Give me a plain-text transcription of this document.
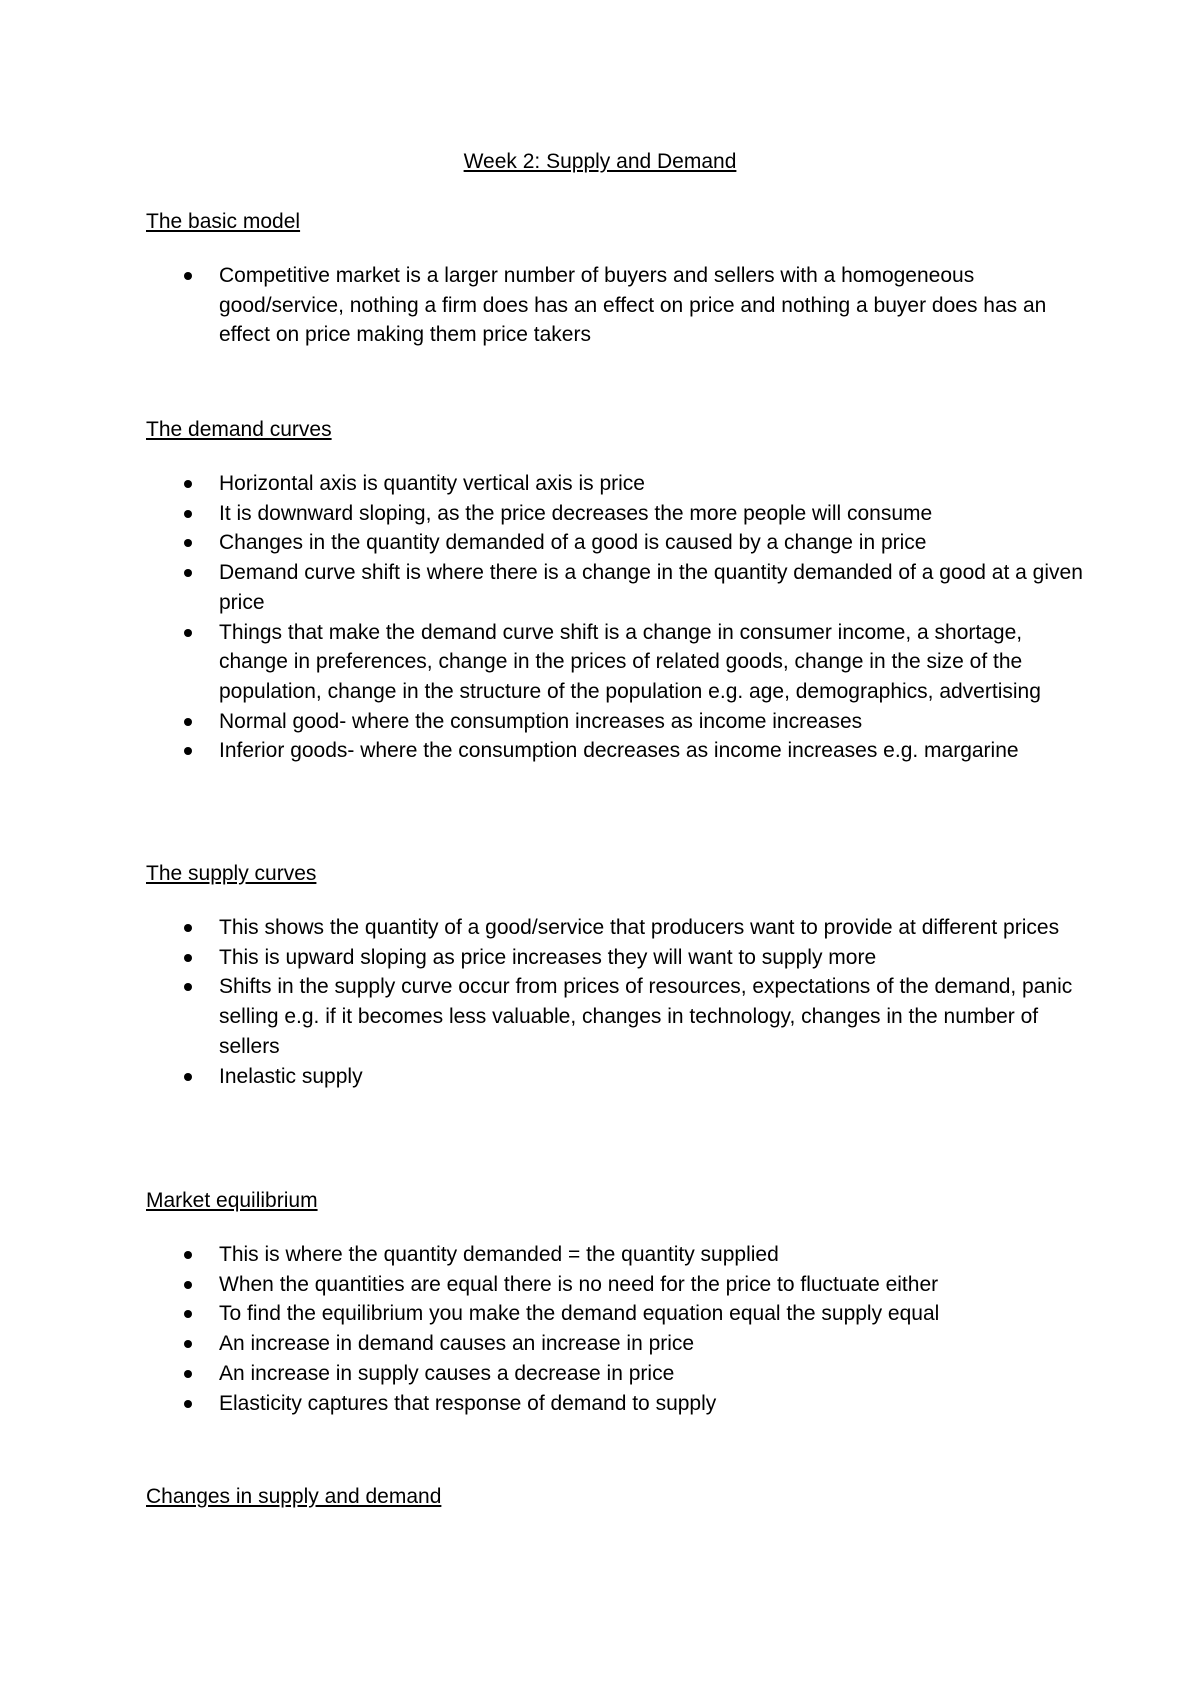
Week 2: Supply and Demand
The basic model
Competitive market is a larger number of buyers and sellers with a homogeneous good/service, nothing a firm does has an effect on price and nothing a buyer does has an effect on price making them price takers
The demand curves
Horizontal axis is quantity vertical axis is price
It is downward sloping, as the price decreases the more people will consume
Changes in the quantity demanded of a good is caused by a change in price
Demand curve shift is where there is a change in the quantity demanded of a good at a given price
Things that make the demand curve shift is a change in consumer income, a shortage, change in preferences, change in the prices of related goods, change in the size of the population, change in the structure of the population e.g. age, demographics, advertising
Normal good- where the consumption increases as income increases
Inferior goods- where the consumption decreases as income increases e.g. margarine
The supply curves
This shows the quantity of a good/service that producers want to provide at different prices
This is upward sloping as price increases they will want to supply more
Shifts in the supply curve occur from prices of resources, expectations of the demand, panic selling e.g. if it becomes less valuable, changes in technology, changes in the number of sellers
Inelastic supply
Market equilibrium
This is where the quantity demanded = the quantity supplied
When the quantities are equal there is no need for the price to fluctuate either
To find the equilibrium you make the demand equation equal the supply equal
An increase in demand causes an increase in price
An increase in supply causes a decrease in price
Elasticity captures that response of demand to supply
Changes in supply and demand
